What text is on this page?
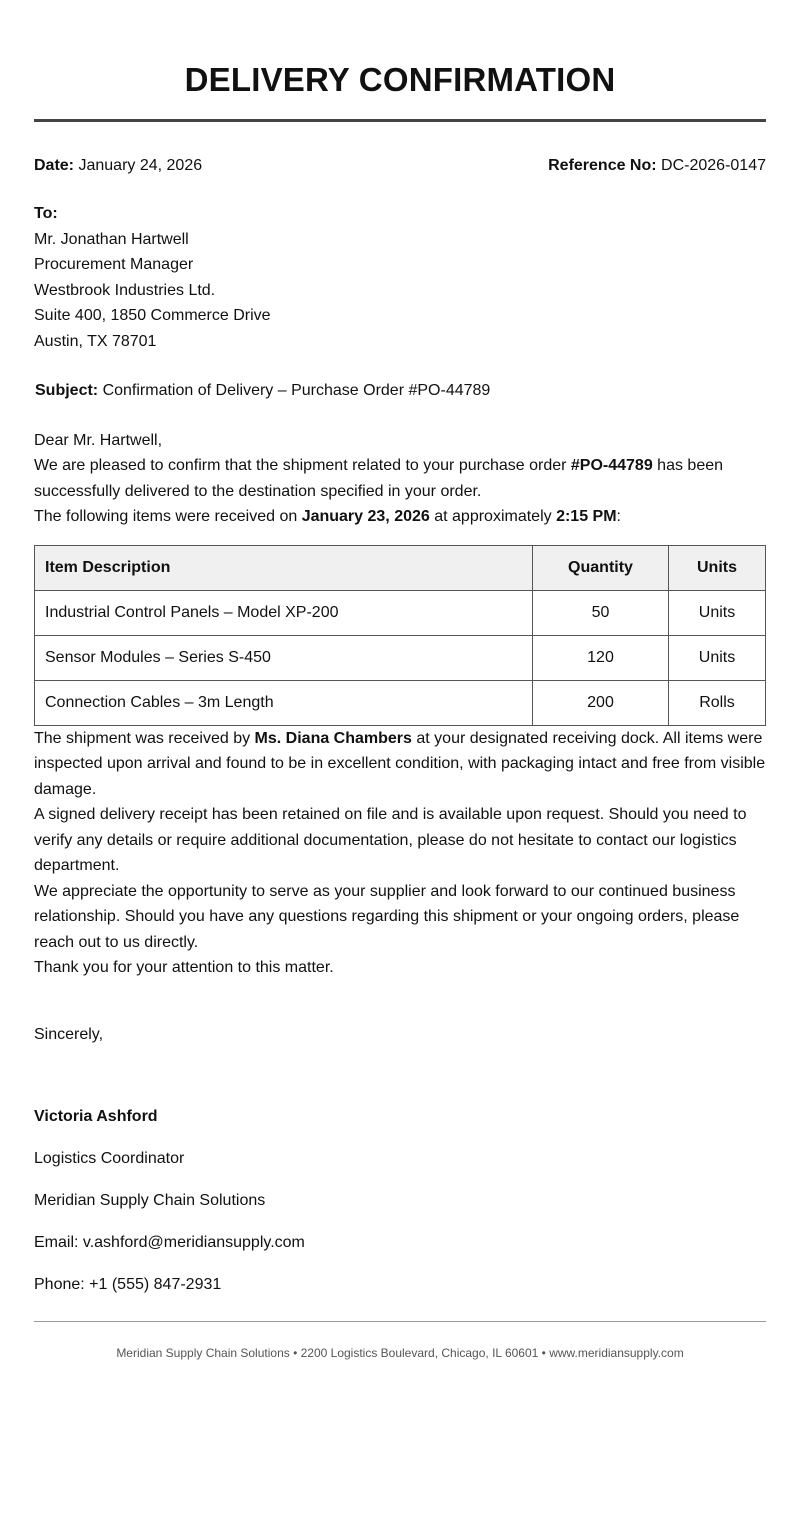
DELIVERY CONFIRMATION
Date: January 24, 2026	Reference No: DC-2026-0147
To:
Mr. Jonathan Hartwell
Procurement Manager
Westbrook Industries Ltd.
Suite 400, 1850 Commerce Drive
Austin, TX 78701
Subject: Confirmation of Delivery – Purchase Order #PO-44789
Dear Mr. Hartwell,

We are pleased to confirm that the shipment related to your purchase order #PO-44789 has been successfully delivered to the destination specified in your order.

The following items were received on January 23, 2026 at approximately 2:15 PM:

Item Description	Quantity	Units
Industrial Control Panels – Model XP-200	50	Units
Sensor Modules – Series S-450	120	Units
Connection Cables – 3m Length	200	Rolls

The shipment was received by Ms. Diana Chambers at your designated receiving dock. All items were inspected upon arrival and found to be in excellent condition, with packaging intact and free from visible damage.

A signed delivery receipt has been retained on file and is available upon request. Should you need to verify any details or require additional documentation, please do not hesitate to contact our logistics department.

We appreciate the opportunity to serve as your supplier and look forward to our continued business relationship. Should you have any questions regarding this shipment or your ongoing orders, please reach out to us directly.

Thank you for your attention to this matter.

Sincerely,
Victoria Ashford
Logistics Coordinator
Meridian Supply Chain Solutions
Email: v.ashford@meridiansupply.com
Phone: +1 (555) 847-2931
Meridian Supply Chain Solutions • 2200 Logistics Boulevard, Chicago, IL 60601 • www.meridiansupply.com
